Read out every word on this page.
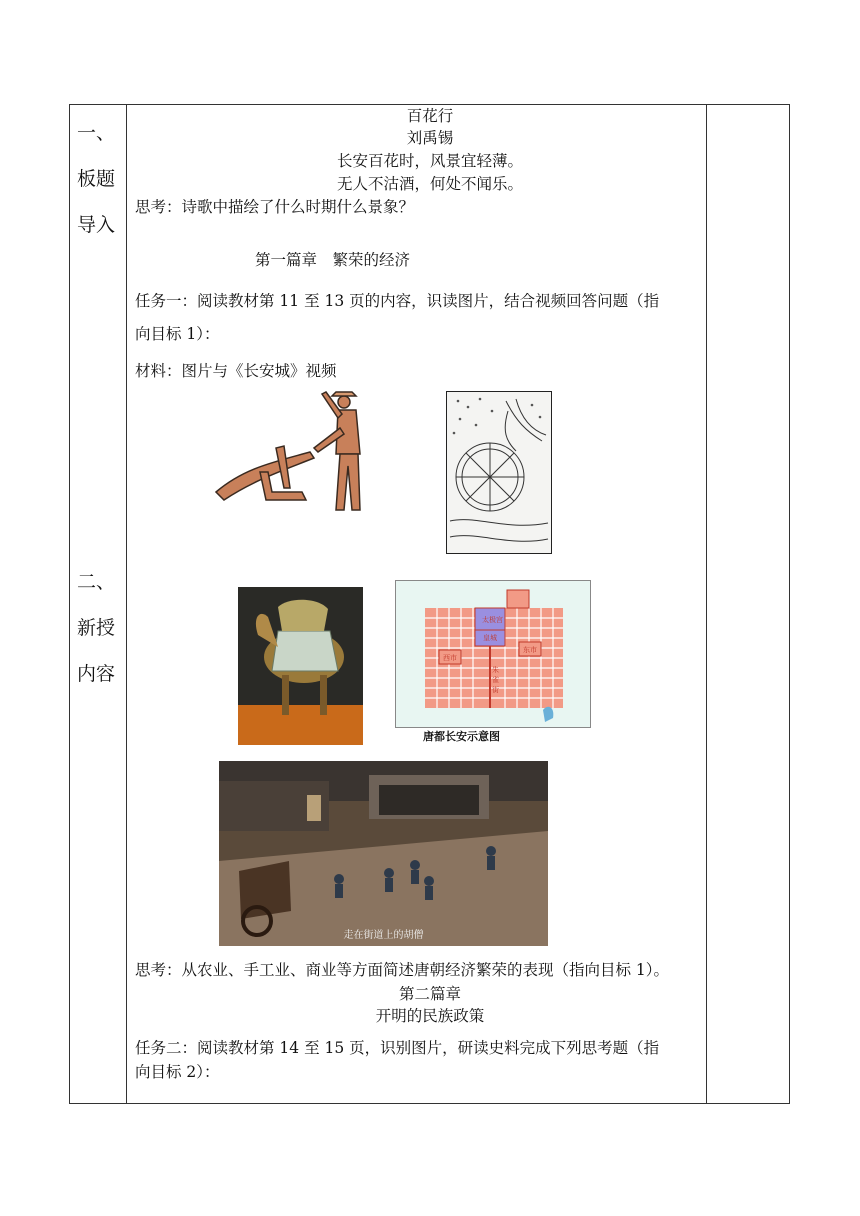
一、
板题
导入
二、
新授
内容
百花行
刘禹锡
长安百花时，风景宜轻薄。
无人不沽酒，何处不闻乐。
思考：诗歌中描绘了什么时期什么景象？
第一篇章　繁荣的经济
任务一：阅读教材第 11 至 13 页的内容，识读图片，结合视频回答问题（指
向目标 1）：
材料：图片与《长安城》视频
太极宫
皇城
西市
东市
朱
雀
街
唐都长安示意图
走在街道上的胡僧
思考：从农业、手工业、商业等方面简述唐朝经济繁荣的表现（指向目标 1）。
第二篇章
开明的民族政策
任务二：阅读教材第 14 至 15 页，识别图片，研读史料完成下列思考题（指
向目标 2）：
